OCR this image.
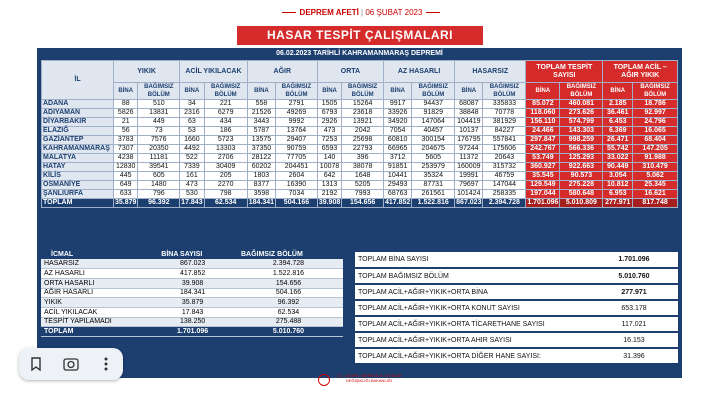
DEPREM AFETİ | 06 ŞUBAT 2023
HASAR TESPİT ÇALIŞMALARI
06.02.2023 TARİHLİ KAHRAMANMARAŞ DEPREMİ
İL	YIKIK		ACİL YIKILACAK		AĞIR		ORTA		AZ HASARLI		HASARSIZ		TOPLAM TESPİT SAYISI		TOPLAM ACİL – AĞIR YIKIK	
	BİNA	BAĞIMSIZ BÖLÜM	BİNA	BAĞIMSIZ BÖLÜM	BİNA	BAĞIMSIZ BÖLÜM	BİNA	BAĞIMSIZ BÖLÜM	BİNA	BAĞIMSIZ BÖLÜM	BİNA	BAĞIMSIZ BÖLÜM	BİNA	BAĞIMSIZ BÖLÜM	BİNA	BAĞIMSIZ BÖLÜM
ADANA	88	510	34	221	558	2791	1505	15264	9917	94437	68087	335833	85.072	460.081	2.185	18.786
ADIYAMAN	5826	13831	2316	6279	21526	49269	6793	23618	33926	91829	38848	70778	118.060	273.626	36.461	92.997
DİYARBAKIR	21	449	63	434	3443	9992	2926	13921	34920	147064	104419	381929	156.110	574.799	6.453	24.796
ELAZIĞ	56	73	53	186	5787	13764	473	2042	7054	40457	10137	84227	24.466	143.303	6.369	16.065
GAZİANTEP	3783	7576	1660	5723	13575	29407	7253	25698	60810	300154	176795	557841	297.847	998.259	26.471	68.404
KAHRAMANMARAŞ	7307	20350	4492	13303	37350	90759	6593	22793	66965	204675	97244	175606	242.767	566.336	55.742	147.205
MALATYA	4238	11181	522	2706	28122	77705	140	396	3712	5605	11372	20643	53.749	125.293	33.022	91.988
HATAY	12830	39541	7339	30409	60202	204451	10078	38078	91851	253979	160009	315732	360.927	922.663	90.449	310.479
KİLİS	445	605	161	205	1803	2604	642	1648	10441	35324	19991	46759	35.545	90.573	3.054	5.062
OSMANİYE	649	1480	473	2270	8377	16390	1313	5205	29493	87731	79697	147044	129.549	275.228	10.812	25.345
ŞANLIURFA	633	796	530	798	3598	7034	2192	7993	68763	261561	101424	258335	197.044	580.648	6.953	16.621
TOPLAM	35.879	96.392	17.843	62.534	184.341	504.166	39.908	154.656	417.852	1.522.816	867.023	2.394.728	1.701.096	5.010.809	277.971	817.748
İCMAL	BİNA SAYISI	BAĞIMSIZ BÖLÜM
HASARSIZ	867.023	2.394.728
AZ HASARLI	417.852	1.522.816
ORTA HASARLI	39.908	154.656
AĞIR HASARLI	184.341	504.166
YIKIK	35.879	96.392
ACİL YIKILACAK	17.843	62.534
TESPİT YAPILAMADI	138.250	275.488
TOPLAM	1.701.096	5.010.760
TOPLAM BİNA SAYISI	1.701.096
TOPLAM BAĞIMSIZ BÖLÜM	5.010.760
TOPLAM ACİL+AĞIR+YIKIK+ORTA BİNA	277.971
TOPLAM ACİL+AĞIR+YIKIK+ORTA KONUT SAYISI	653.178
TOPLAM ACİL+AĞIR+YIKIK+ORTA TİCARETHANE SAYISI	117.021
TOPLAM ACİL+AĞIR+YIKIK+ORTA AHIR SAYISI	16.153
TOPLAM ACİL+AĞIR+YIKIK+ORTA DİĞER HANE SAYISI:	31.396
T.C. ÇEVRE, ŞEHİRCİLİK VE İKLİM DEĞİŞİKLİĞİ BAKANLIĞI
